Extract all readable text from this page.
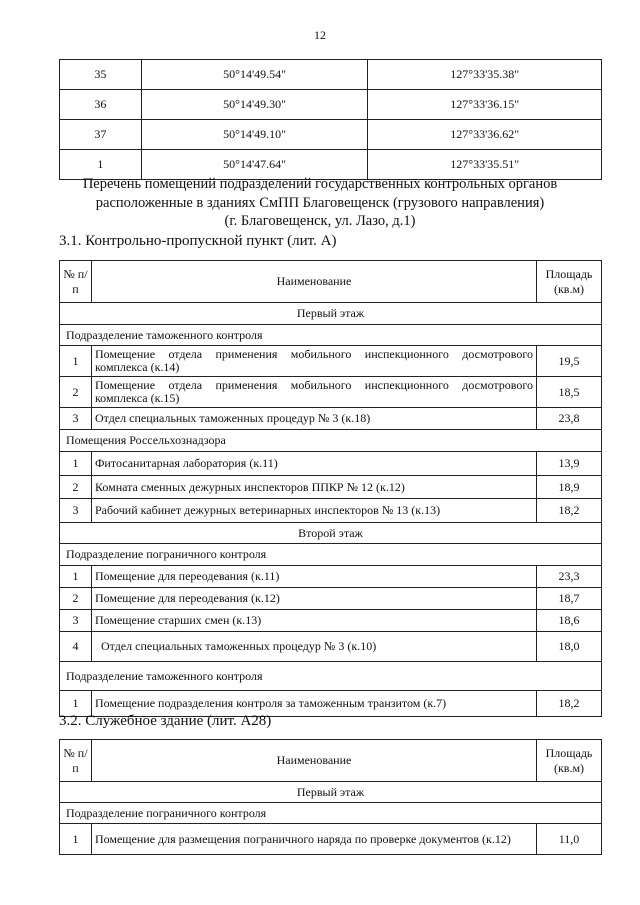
12
35	50°14'49.54"	127°33'35.38"
36	50°14'49.30"	127°33'36.15"
37	50°14'49.10"	127°33'36.62"
1	50°14'47.64"	127°33'35.51"
Перечень помещений подразделений государственных контрольных органов
расположенные в зданиях СмПП Благовещенск (грузового направления)
(г. Благовещенск, ул. Лазо, д.1)
3.1. Контрольно-пропускной пункт (лит. А)
№ п/п	Наименование	Площадь (кв.м)
Первый этаж		
Подразделение таможенного контроля		
1	Помещение отдела применения мобильного инспекционного досмотрового комплекса (к.14)	19,5
2	Помещение отдела применения мобильного инспекционного досмотрового комплекса (к.15)	18,5
3	Отдел специальных таможенных процедур № 3 (к.18)	23,8
Помещения Россельхознадзора		
1	Фитосанитарная лаборатория (к.11)	13,9
2	Комната сменных дежурных инспекторов ППКР № 12 (к.12)	18,9
3	Рабочий кабинет дежурных ветеринарных инспекторов № 13 (к.13)	18,2
Второй этаж		
Подразделение пограничного контроля		
1	Помещение для переодевания (к.11)	23,3
2	Помещение для переодевания (к.12)	18,7
3	Помещение старших смен (к.13)	18,6
4	Отдел специальных таможенных процедур № 3 (к.10)	18,0
Подразделение таможенного контроля		
1	Помещение подразделения контроля за таможенным транзитом (к.7)	18,2
3.2. Служебное здание (лит. А28)
№ п/п	Наименование	Площадь (кв.м)
Первый этаж		
Подразделение пограничного контроля		
1	Помещение для размещения пограничного наряда по проверке документов (к.12)	11,0
